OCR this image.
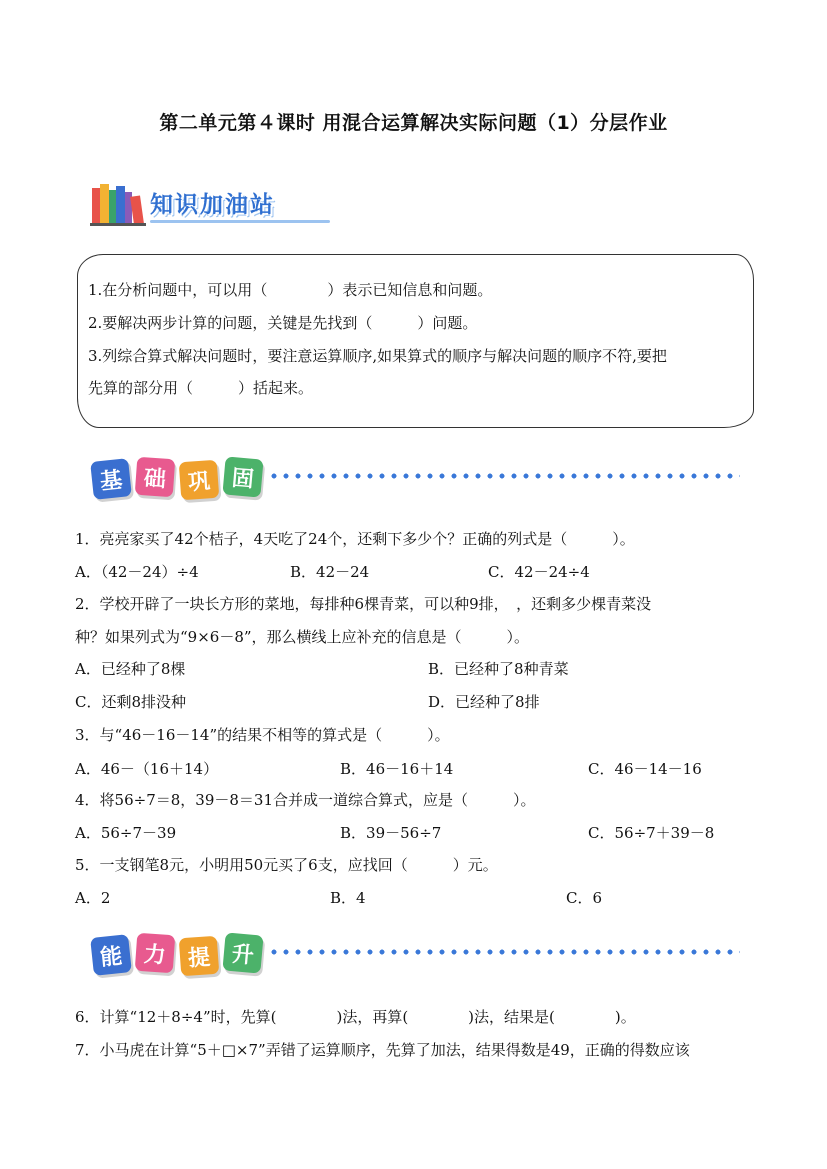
第二单元第４课时 用混合运算解决实际问题（1）分层作业
知识加油站
1.在分析问题中，可以用（　　　　）表示已知信息和问题。
2.要解决两步计算的问题，关键是先找到（　　　）问题。
3.列综合算式解决问题时，要注意运算顺序,如果算式的顺序与解决问题的顺序不符,要把
先算的部分用（　　　）括起来。
基 础 巩 固
1．亮亮家买了42个桔子，4天吃了24个，还剩下多少个？正确的列式是（　　　）。
A．（42－24）÷4	B．42－24	C．42－24÷4
2．学校开辟了一块长方形的菜地，每排种6棵青菜，可以种9排，　，还剩多少棵青菜没
种？如果列式为“9×6－8”，那么横线上应补充的信息是（　　　）。
A．已经种了8棵	B．已经种了8种青菜
C．还剩8排没种	D．已经种了8排
3．与“46－16－14”的结果不相等的算式是（　　　）。
A．46－（16＋14）	B．46－16＋14	C．46－14－16
4．将56÷7＝8，39－8＝31合并成一道综合算式，应是（　　　）。
A．56÷7－39	B．39－56÷7	C．56÷7＋39－8
5．一支钢笔8元，小明用50元买了6支，应找回（　　　）元。
A．2	B．4	C．6
能 力 提 升
6．计算“12＋8÷4”时，先算(　　　　)法，再算(　　　　)法，结果是(　　　　)。
7．小马虎在计算“5＋□×7”弄错了运算顺序，先算了加法，结果得数是49，正确的得数应该
